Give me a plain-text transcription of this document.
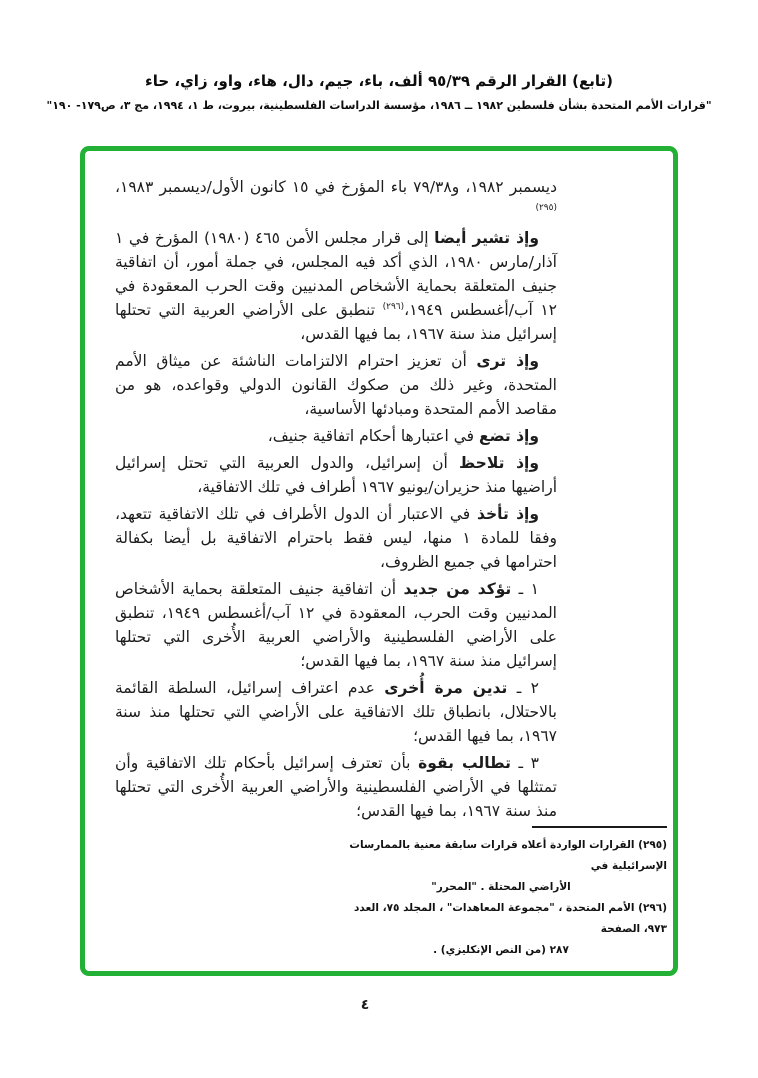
(تابع) القرار الرقم ٩٥/٣٩ ألف، باء، جيم، دال، هاء، واو، زاي، حاء
"قرارات الأمم المتحدة بشأن فلسطين ١٩٨٢ ــ ١٩٨٦، مؤسسة الدراسات الفلسطينية، بيروت، ط ١، ١٩٩٤، مج ٣، ص١٧٩- ١٩٠"

ديسمبر ١٩٨٢، و٧٩/٣٨ باء المؤرخ في ١٥ كانون الأول/ديسمبر ١٩٨٣،$^{(٢٩٥)}$

وإذ تشير أيضا إلى قرار مجلس الأمن ٤٦٥ (١٩٨٠) المؤرخ في ١ آذار/مارس ١٩٨٠، الذي أكد فيه المجلس، في جملة أمور، أن اتفاقية جنيف المتعلقة بحماية الأشخاص المدنيين وقت الحرب المعقودة في ١٢ آب/أغسطس ١٩٤٩،$^{(٢٩٦)}$ تنطبق على الأراضي العربية التي تحتلها إسرائيل منذ سنة ١٩٦٧، بما فيها القدس،

وإذ ترى أن تعزيز احترام الالتزامات الناشئة عن ميثاق الأمم المتحدة، وغير ذلك من صكوك القانون الدولي وقواعده، هو من مقاصد الأمم المتحدة ومبادئها الأساسية،

وإذ تضع في اعتبارها أحكام اتفاقية جنيف،

وإذ تلاحظ أن إسرائيل، والدول العربية التي تحتل إسرائيل أراضيها منذ حزيران/يونيو ١٩٦٧ أطراف في تلك الاتفاقية،

وإذ تأخذ في الاعتبار أن الدول الأطراف في تلك الاتفاقية تتعهد، وفقا للمادة ١ منها، ليس فقط باحترام الاتفاقية بل أيضا بكفالة احترامها في جميع الظروف،

١ ـ تؤكد من جديد أن اتفاقية جنيف المتعلقة بحماية الأشخاص المدنيين وقت الحرب، المعقودة في ١٢ آب/أغسطس ١٩٤٩، تنطبق على الأراضي الفلسطينية والأراضي العربية الأُخرى التي تحتلها إسرائيل منذ سنة ١٩٦٧، بما فيها القدس؛

٢ ـ تدين مرة أُخرى عدم اعتراف إسرائيل، السلطة القائمة بالاحتلال، بانطباق تلك الاتفاقية على الأراضي التي تحتلها منذ سنة ١٩٦٧، بما فيها القدس؛

٣ ـ تطالب بقوة بأن تعترف إسرائيل بأحكام تلك الاتفاقية وأن تمتثلها في الأراضي الفلسطينية والأراضي العربية الأُخرى التي تحتلها منذ سنة ١٩٦٧، بما فيها القدس؛

(٢٩٥) القرارات الواردة أعلاه قرارات سابقة معنية بالممارسات الإسرائيلية في
الأراضي المحتلة . "المحرر"
(٢٩٦) الأمم المتحدة ، "مجموعة المعاهدات" ، المجلد ٧٥، العدد ٩٧٣، الصفحة
٢٨٧ (من النص الإنكليزي) .
٤
